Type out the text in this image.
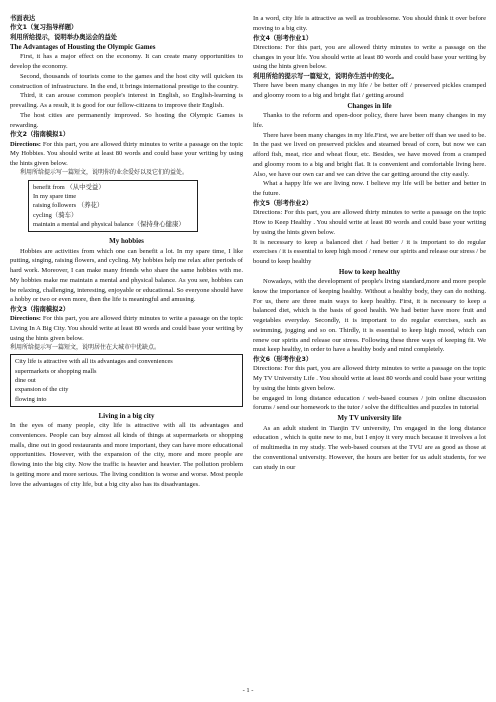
书面表达

作文1（复习指导样题）

利用所给提示，说明举办奥运会的益处

The Advantages of Housting the Olympic Games

First, it has a major effect on the economy. It can create many opportunities to develop the economy.

Second, thousands of tourists come to the games and the host city will quicken its construction of infrastructure. In the end, it brings international prestige to the country.

Third, it can arouse common people's interest in English, so English-learning is prevailing. As a result, it is good for our fellow-citizens to improve their English.

The host cities are permanently improved. So hosting the Olympic Games is rewarding.

作文2（指南模拟1）

Directions: For this part, you are allowed thirty minutes to write a passage on the topic My Hobbies. You should write at least 80 words and could base your writing by using the hints given below.

利用所给提示写一篇短文，说明你的业余爱好以及它们的益处。

benefit from （从中受益）
In my spare time
raising followers （养花）
cycling（骑车）
maintain a mental and physical balance（保持身心健康）

My hobbies

Hobbies are activities from which one can benefit a lot. In my spare time, I like putting, singing, raising flowers, and cycling. My hobbies help me relax after periods of hard work. Moreover, I can make many friends who share the same hobbies with me. My hobbies make me maintain a mental and physical balance. As you see, hobbies can be relaxing, challenging, interesting, enjoyable or educational. So everyone should have a hobby or two or even more, then the life is meaningful and amusing.

作文3（指南模拟2）

Directions: For this part, you are allowed thirty minutes to write a passage on the topic Living In A Big City. You should write at least 80 words and could base your writing by using the hints given below.

利用所给提示写一篇短文，说明居住在大城市中优缺点。

City life is attractive with all its advantages and conveniences
supermarkets or shopping malls
dine out
expansion of the city
flowing into

Living in a big city

In the eyes of many people, city life is attractive with all its advantages and conveniences. People can buy almost all kinds of things at supermarkets or shopping malls, dine out in good restaurants and more important, they can have more educational opportunities. However, with the expansion of the city, more and more people are flowing into the big city. Now the traffic is heavier and heavier. The pollution problem is getting more and more serious. The living condition is worse and worse. Most people love the advantages of city life, but a big city also has its disadvantages.

In a word, city life is attractive as well as troublesome. You should think it over before moving to a big city.

作文4（形考作业1）

Directions: For this part, you are allowed thirty minutes to write a passage on the changes in your life. You should write at least 80 words and could base your writing by using the hints given below.

利用所给的提示写一篇短文，说明你生活中的变化。

There have been many changes in my life / be better off / preserved pickles cramped and gloomy room to a big and bright flat / getting around

Changes in life

Thanks to the reform and open-door policy, there have been many changes in my life.

There have been many changes in my life.First, we are better off than we used to be. In the past we lived on preserved pickles and steamed bread of corn, but now we can afford fish, meat, rice and wheat flour, etc. Besides, we have moved from a cramped and gloomy room to a big and bright flat. It is convenient and comfortable living here. Also, we have our own car and we can drive the car getting around the city easily.

What a happy life we are living now. I believe my life will be better and better in the future.

作文5（形考作业2）

Directions: For this part, you are allowed thirty minutes to write a passage on the topic How to Keep Healthy . You should write at least 80 words and could base your writing by using the hints given below.

It is necessary to keep a balanced diet / had better / it is important to do regular exercises / it is essential to keep high mood / renew our spirits and release our stress / be bound to keep healthy

How to keep healthy

Nowadays, with the development of people's living standard,more and more people know the importance of keeping healthy. Without a healthy body, they can do nothing. For us, there are three main ways to keep healthy. First, it is necessary to keep a balanced diet, which is the basis of good health. We had better have more fruit and vegetables everyday. Secondly, it is important to do regular exercises, such as swimming, jogging and so on. Thirdly, it is essential to keep high mood, which can renew our spirits and release our stress. Following these three ways of keeping fit. We must keep healthy, in order to have a healthy body and mind completely.

作文6（形考作业3）

Directions: For this part, you are allowed thirty minutes to write a passage on the topic My TV University Life . You should write at least 80 words and could base your writing by using the hints given below.

be engaged in long distance education / web-based courses / join online discussion forums / send our homework to the tutor / solve the difficulties and puzzles in tutorial

My TV university life

As an adult student in Tianjin TV university, I'm engaged in the long distance education , which is quite new to me, but I enjoy it very much because it involves a lot of multimedia in my study. The web-based courses at the TVU are as good as those at the conventional university. However, the hours are better for us adult students, for we can study in our

- 1 -
